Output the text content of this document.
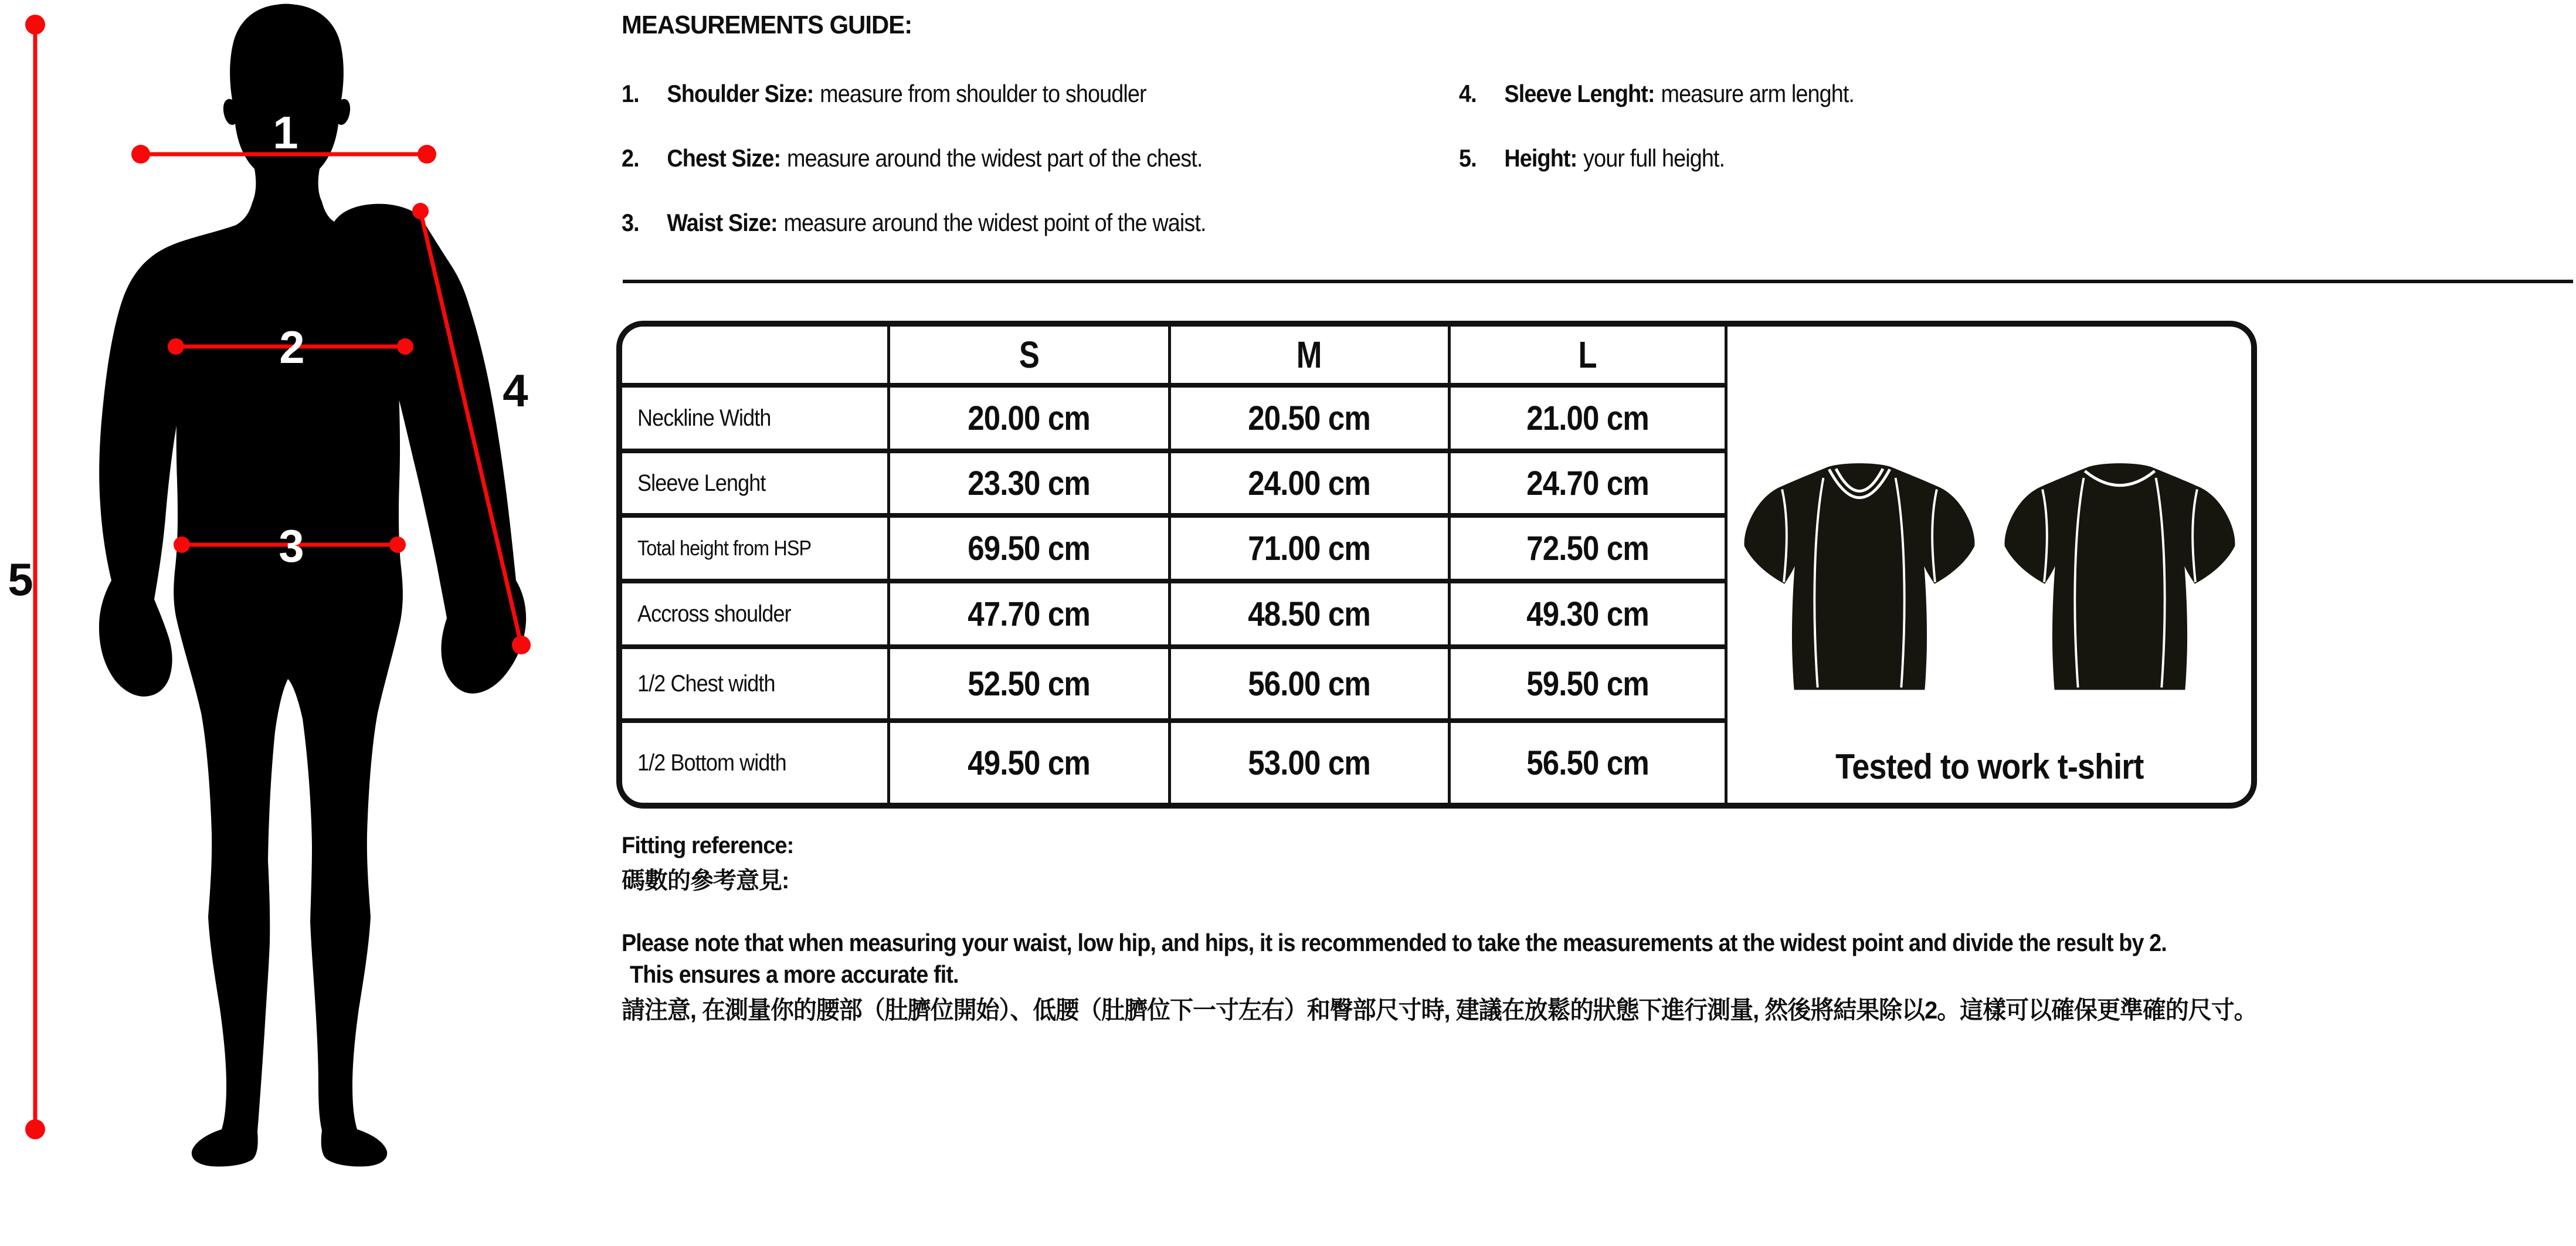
1
2
3
4
5
MEASUREMENTS GUIDE:
1.	Shoulder Size: measure from shoulder to shoudler
2.	Chest Size: measure around the widest part of the chest.
3.	Waist Size: measure around the widest point of the waist.
4.	Sleeve Lenght: measure arm lenght.
5.	Height: your full height.
S	M	L
Tested to work t-shirt
Neckline Width	20.00 cm	20.50 cm	21.00 cm
Sleeve Lenght	23.30 cm	24.00 cm	24.70 cm
Total height from HSP	69.50 cm	71.00 cm	72.50 cm
Accross shoulder	47.70 cm	48.50 cm	49.30 cm
1/2 Chest width	52.50 cm	56.00 cm	59.50 cm
1/2 Bottom width	49.50 cm	53.00 cm	56.50 cm
Fitting reference:
碼數的參考意見:
Please note that when measuring your waist, low hip, and hips, it is recommended to take the measurements at the widest point and divide the result by 2.
This ensures a more accurate fit.
請注意, 在測量你的腰部（肚臍位開始）、低腰（肚臍位下一寸左右）和臀部尺寸時, 建議在放鬆的狀態下進行測量, 然後將結果除以2。這樣可以確保更準確的尺寸。
